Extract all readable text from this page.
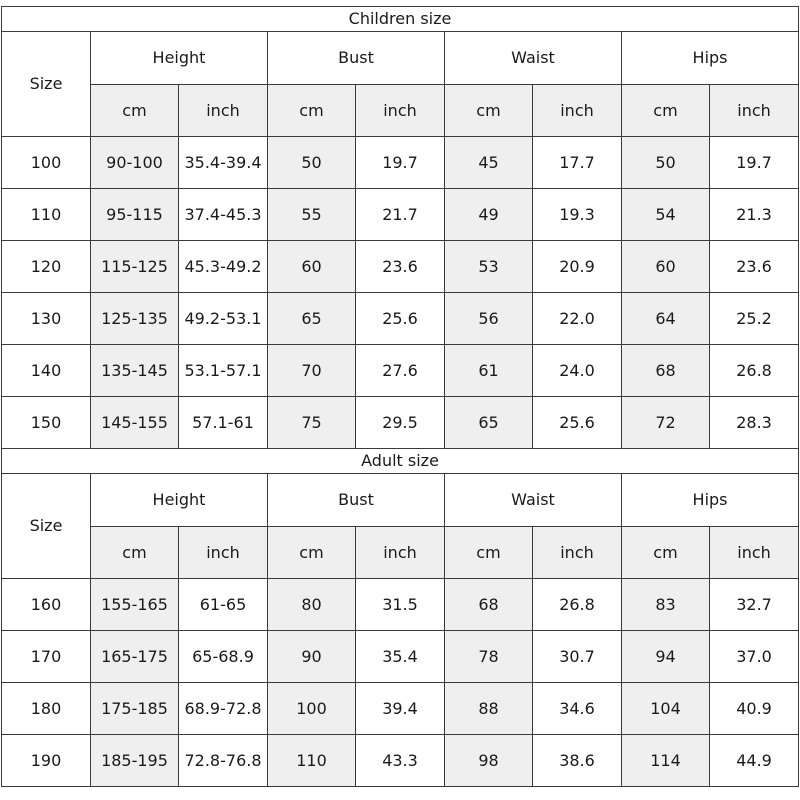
Children size								
Size	Height		Bust		Waist		Hips	
	cm	inch	cm	inch	cm	inch	cm	inch
100	90-100	35.4-39.4	50	19.7	45	17.7	50	19.7
110	95-115	37.4-45.3	55	21.7	49	19.3	54	21.3
120	115-125	45.3-49.2	60	23.6	53	20.9	60	23.6
130	125-135	49.2-53.1	65	25.6	56	22.0	64	25.2
140	135-145	53.1-57.1	70	27.6	61	24.0	68	26.8
150	145-155	57.1-61	75	29.5	65	25.6	72	28.3
Adult size								
Size	Height		Bust		Waist		Hips	
	cm	inch	cm	inch	cm	inch	cm	inch
160	155-165	61-65	80	31.5	68	26.8	83	32.7
170	165-175	65-68.9	90	35.4	78	30.7	94	37.0
180	175-185	68.9-72.8	100	39.4	88	34.6	104	40.9
190	185-195	72.8-76.8	110	43.3	98	38.6	114	44.9
